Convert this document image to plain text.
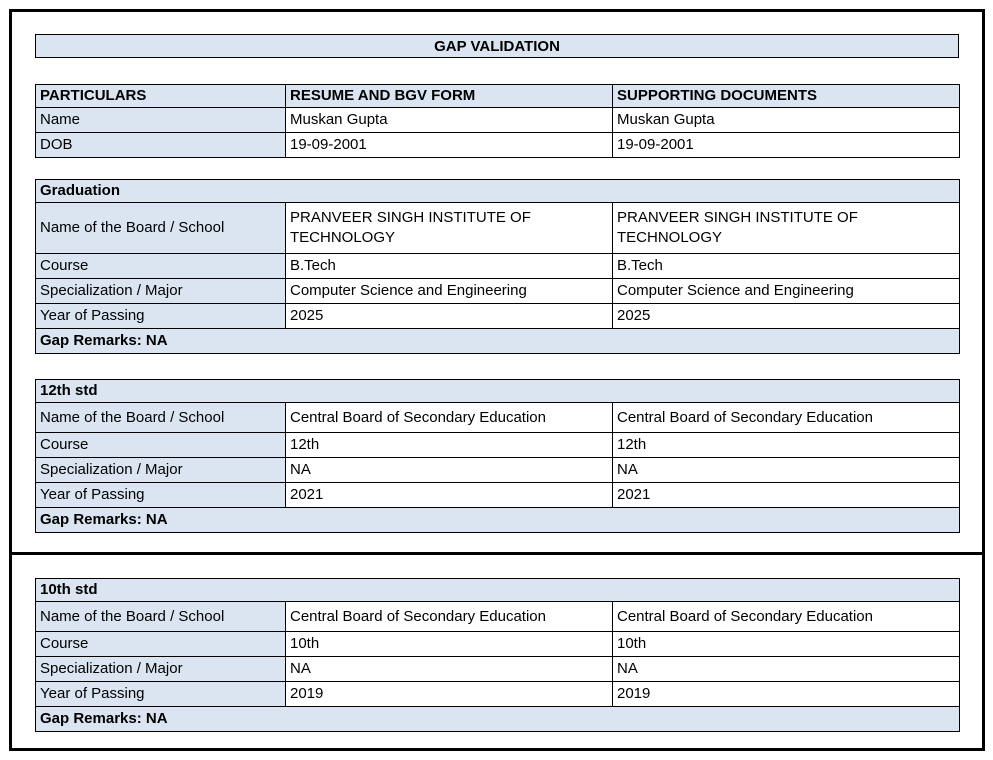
GAP VALIDATION
PARTICULARS	RESUME AND BGV FORM	SUPPORTING DOCUMENTS
Name	Muskan Gupta	Muskan Gupta
DOB	19-09-2001	19-09-2001
Graduation		
Name of the Board / School	PRANVEER SINGH INSTITUTE OF TECHNOLOGY	PRANVEER SINGH INSTITUTE OF TECHNOLOGY
Course	B.Tech	B.Tech
Specialization / Major	Computer Science and Engineering	Computer Science and Engineering
Year of Passing	2025	2025
Gap Remarks: NA		
12th std		
Name of the Board / School	Central Board of Secondary Education	Central Board of Secondary Education
Course	12th	12th
Specialization / Major	NA	NA
Year of Passing	2021	2021
Gap Remarks: NA		
10th std		
Name of the Board / School	Central Board of Secondary Education	Central Board of Secondary Education
Course	10th	10th
Specialization / Major	NA	NA
Year of Passing	2019	2019
Gap Remarks: NA		
